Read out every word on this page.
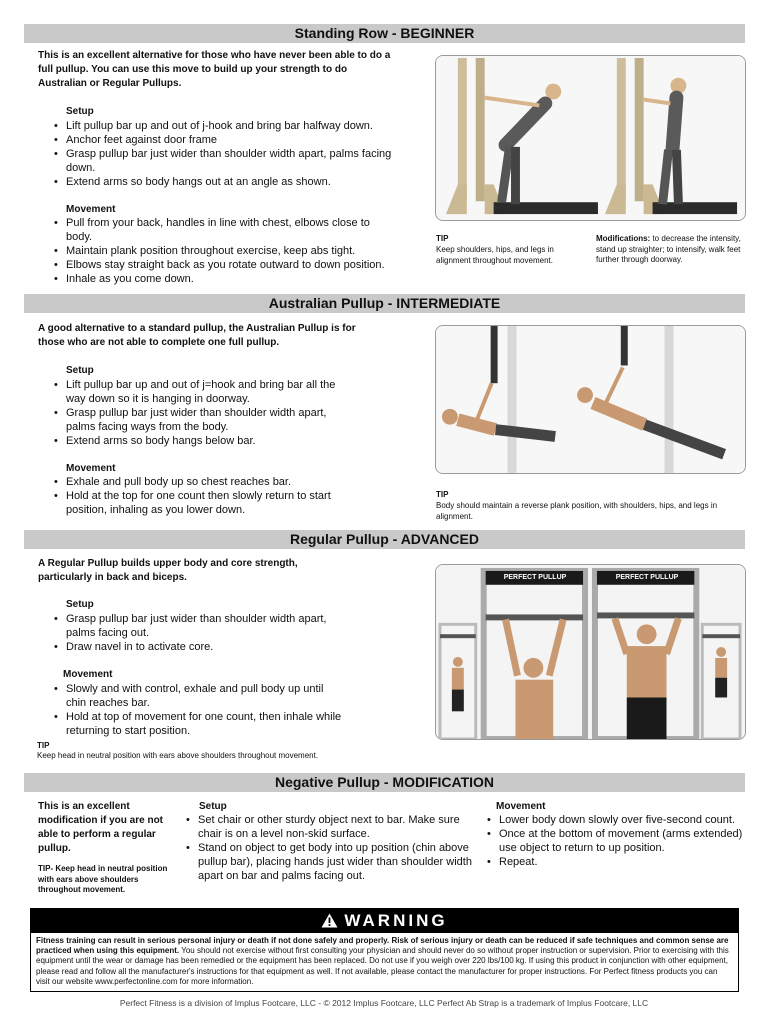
Standing Row - BEGINNER
This is an excellent alternative for those who have never been able to do a full pullup. You can use this move to build up your strength to do Australian or Regular Pullups.
Setup
• Lift pullup bar up and out of j-hook and bring bar halfway down.
• Anchor feet against door frame
• Grasp pullup bar just wider than shoulder width apart, palms facing down.
• Extend arms so body hangs out at an angle as shown.
Movement
• Pull from your back, handles in line with chest, elbows close to body.
• Maintain plank position throughout exercise, keep abs tight.
• Elbows stay straight back as you rotate outward to down position.
• Inhale as you come down.
TIP
Keep shoulders, hips, and legs in alignment throughout movement.
Modifications: to decrease the intensity, stand up straighter; to intensify, walk feet further through doorway.
Australian Pullup - INTERMEDIATE
A good alternative to a standard pullup, the Australian Pullup is for those who are not able to complete one full pullup.
Setup
• Lift pullup bar up and out of j=hook and bring bar all the way down so it is hanging in doorway.
• Grasp pullup bar just wider than shoulder width apart, palms facing ways from the body.
• Extend arms so body hangs below bar.
Movement
• Exhale and pull body up so chest reaches bar.
• Hold at the top for one count then slowly return to start position, inhaling as you lower down.
TIP
Body should maintain a reverse plank position, with shoulders, hips, and legs in alignment.
Regular Pullup - ADVANCED
A Regular Pullup builds upper body and core strength, particularly in back and biceps.
Setup
• Grasp pullup bar just wider than shoulder width apart, palms facing out.
• Draw navel in to activate core.
Movement
• Slowly and with control, exhale and pull body up until chin reaches bar.
• Hold at top of movement for one count, then inhale while returning to start position.
TIP
Keep head in neutral position with ears above shoulders throughout movement.
PERFECT PULLUP	PERFECT PULLUP
Negative Pullup - MODIFICATION
This is an excellent modification if you are not able to perform a regular pullup.
TIP- Keep head in neutral position with ears above shoulders throughout movement.
Setup
• Set chair or other sturdy object next to bar. Make sure chair is on a level non-skid surface.
• Stand on object to get body into up position (chin above pullup bar), placing hands just wider than shoulder width apart on bar and palms facing out.
Movement
• Lower body down slowly over five-second count.
• Once at the bottom of movement (arms extended) use object to return to up position.
• Repeat.
WARNING
Fitness training can result in serious personal injury or death if not done safely and properly. Risk of serious injury or death can be reduced if safe techniques and common sense are practiced when using this equipment. You should not exercise without first consulting your physician and should never do so without proper instruction or supervision. Prior to exercising with this equipment until the wear or damage has been remedied or the equipment has been replaced. Do not use if you weigh over 220 lbs/100 kg. If using this product in conjunction with other equipment, please read and follow all the manufacturer's instructions for that equipment as well. If not available, please contact the manufacturer for proper instructions. For Perfect fitness products you can visit our website www.perfectonline.com for more information.
Perfect Fitness is a division of Implus Footcare, LLC - © 2012 Implus Footcare, LLC Perfect Ab Strap is a trademark of Implus Footcare, LLC
